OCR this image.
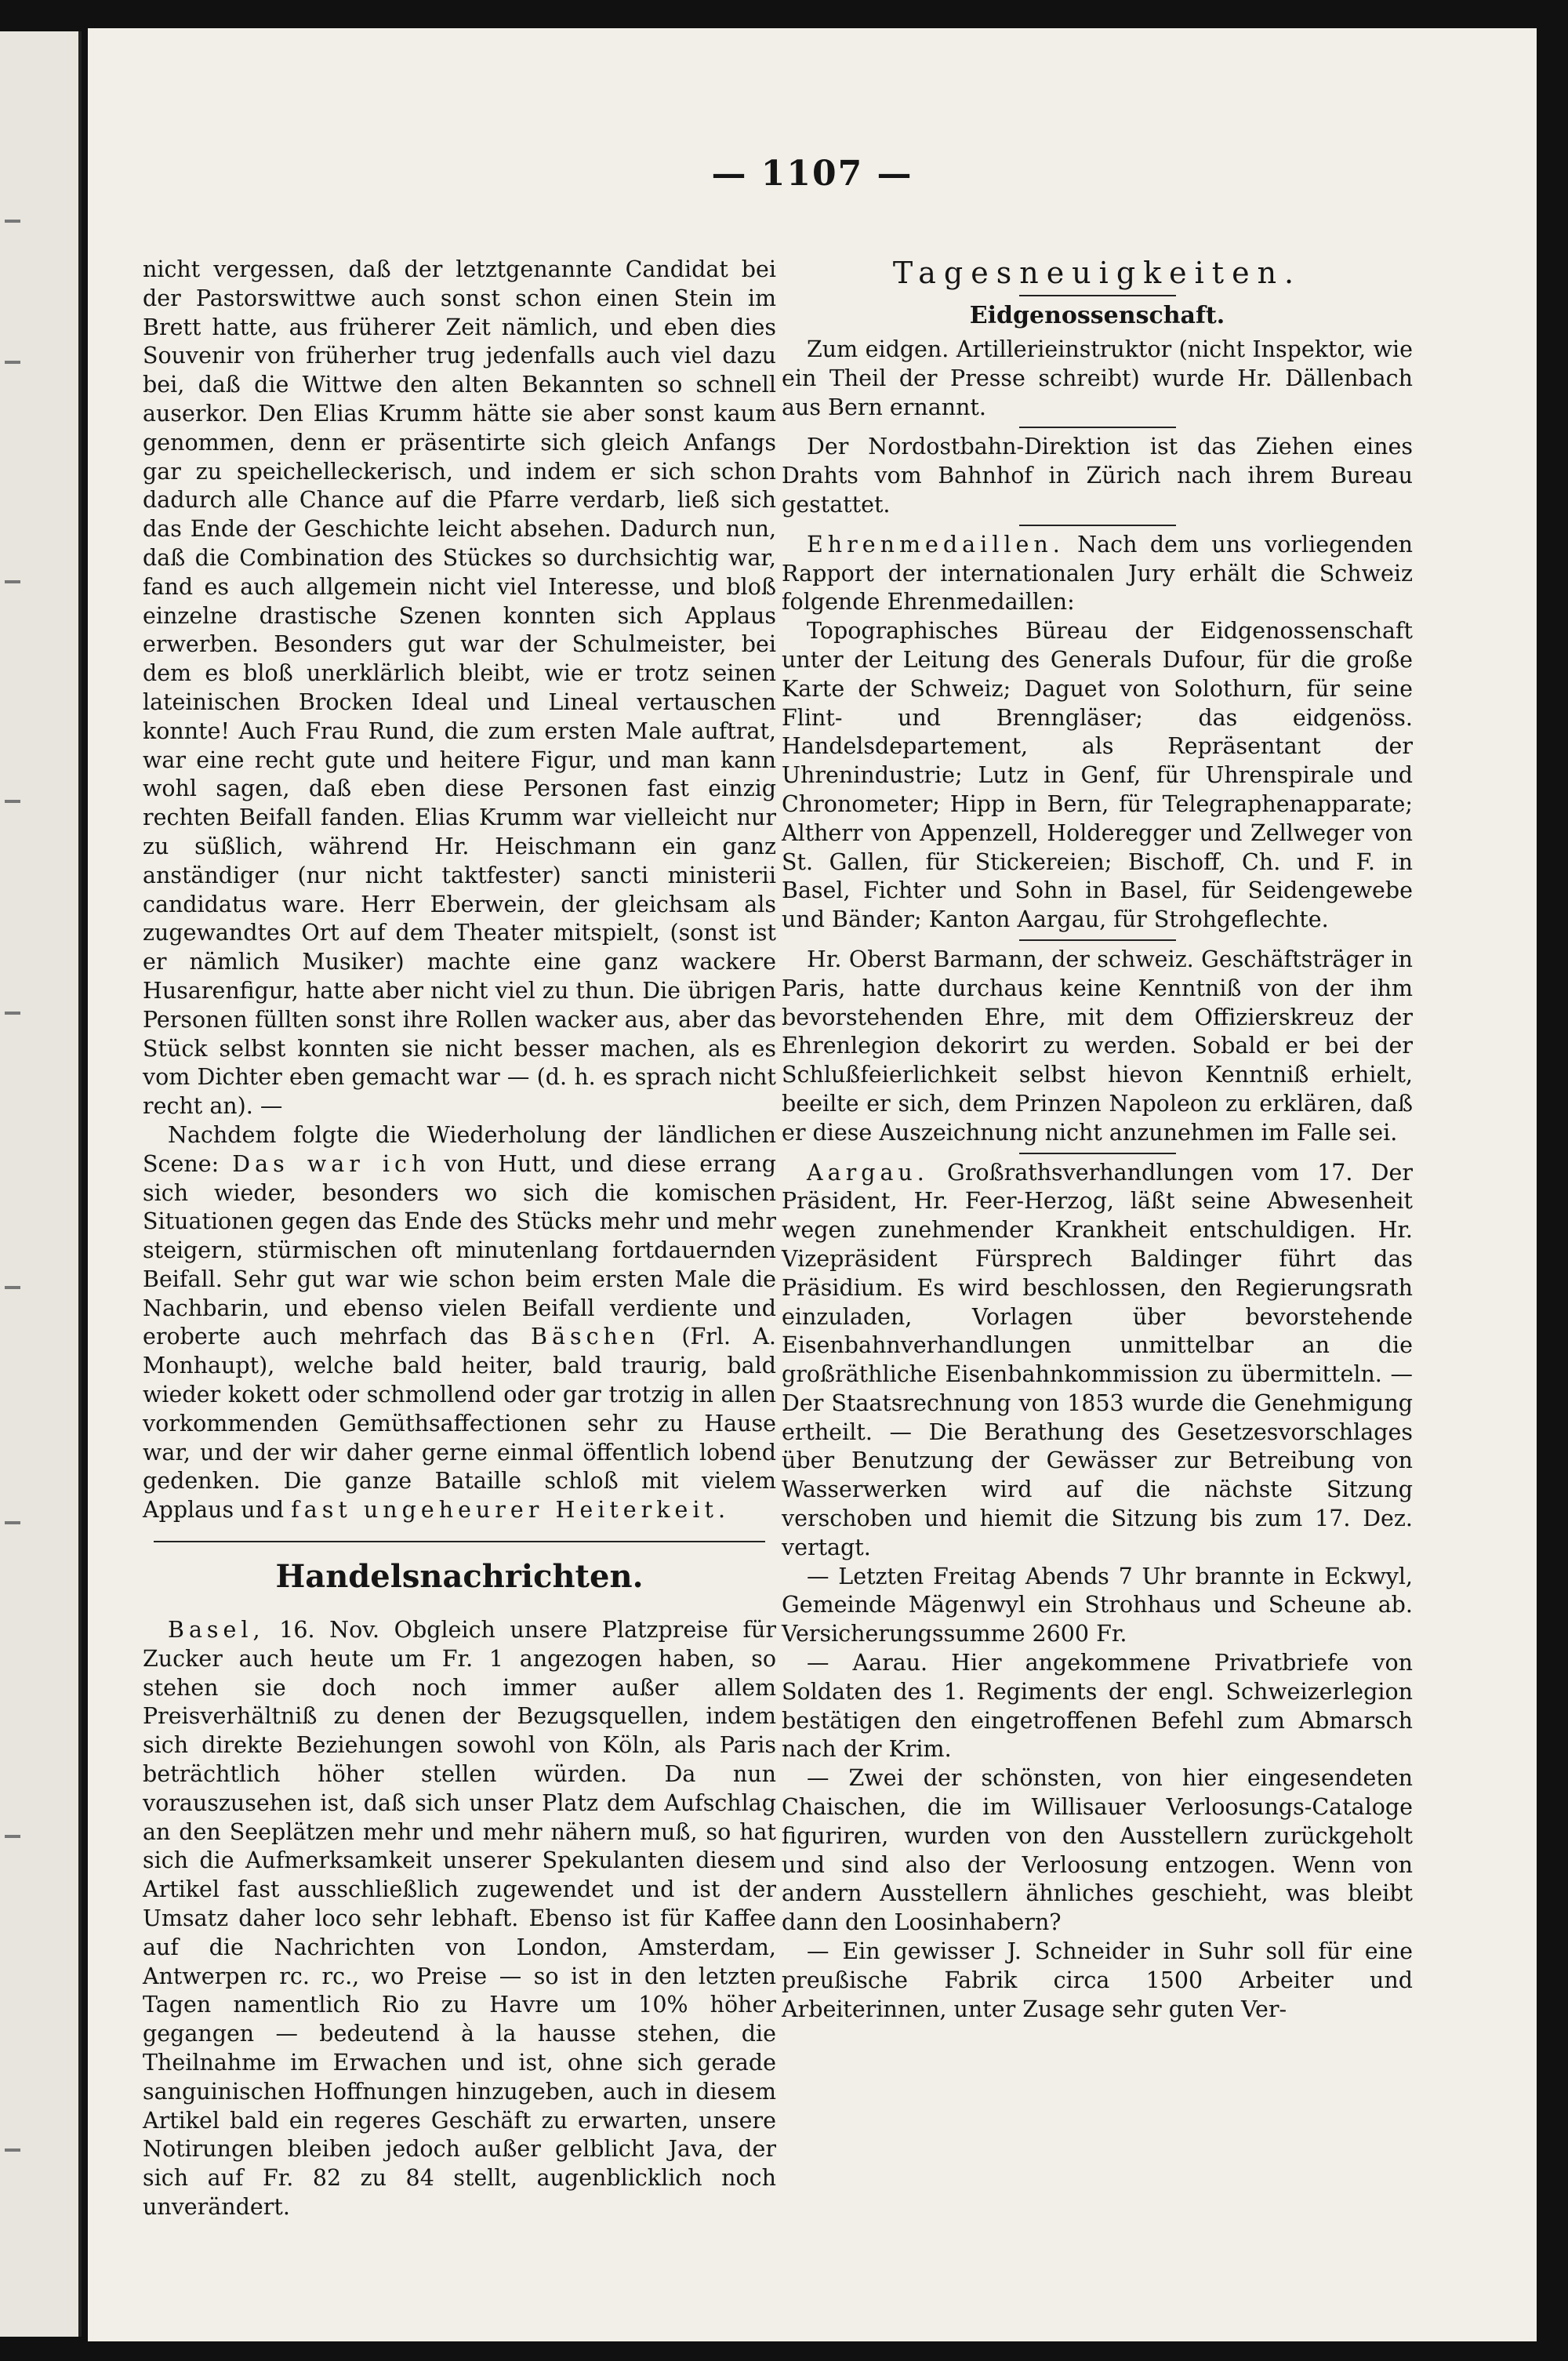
— 1107 —

nicht vergessen, daß der letztgenannte Candidat bei der Pastorswittwe auch sonst schon einen Stein im Brett hatte, aus früherer Zeit nämlich, und eben dies Souvenir von früherher trug jedenfalls auch viel dazu bei, daß die Wittwe den alten Bekannten so schnell auserkor. Den Elias Krumm hätte sie aber sonst kaum genommen, denn er präsentirte sich gleich Anfangs gar zu speichelleckerisch, und indem er sich schon dadurch alle Chance auf die Pfarre verdarb, ließ sich das Ende der Geschichte leicht absehen. Dadurch nun, daß die Combination des Stückes so durchsichtig war, fand es auch allgemein nicht viel Interesse, und bloß einzelne drastische Szenen konnten sich Applaus erwerben. Besonders gut war der Schulmeister, bei dem es bloß unerklärlich bleibt, wie er trotz seinen lateinischen Brocken Ideal und Lineal vertauschen konnte! Auch Frau Rund, die zum ersten Male auftrat, war eine recht gute und heitere Figur, und man kann wohl sagen, daß eben diese Personen fast einzig rechten Beifall fanden. Elias Krumm war vielleicht nur zu süßlich, während Hr. Heischmann ein ganz anständiger (nur nicht taktfester) sancti ministerii candidatus ware. Herr Eberwein, der gleichsam als zugewandtes Ort auf dem Theater mitspielt, (sonst ist er nämlich Musiker) machte eine ganz wackere Husarenfigur, hatte aber nicht viel zu thun. Die übrigen Personen füllten sonst ihre Rollen wacker aus, aber das Stück selbst konnten sie nicht besser machen, als es vom Dichter eben gemacht war — (d. h. es sprach nicht recht an). —

Nachdem folgte die Wiederholung der ländlichen Scene: Das war ich von Hutt, und diese errang sich wieder, besonders wo sich die komischen Situationen gegen das Ende des Stücks mehr und mehr steigern, stürmischen oft minutenlang fortdauernden Beifall. Sehr gut war wie schon beim ersten Male die Nachbarin, und ebenso vielen Beifall verdiente und eroberte auch mehrfach das Bäschen (Frl. A. Monhaupt), welche bald heiter, bald traurig, bald wieder kokett oder schmollend oder gar trotzig in allen vorkommenden Gemüthsaffectionen sehr zu Hause war, und der wir daher gerne einmal öffentlich lobend gedenken. Die ganze Bataille schloß mit vielem Applaus und fast ungeheurer Heiterkeit.

Handelsnachrichten.

Basel, 16. Nov. Obgleich unsere Platzpreise für Zucker auch heute um Fr. 1 angezogen haben, so stehen sie doch noch immer außer allem Preisverhältniß zu denen der Bezugsquellen, indem sich direkte Beziehungen sowohl von Köln, als Paris beträchtlich höher stellen würden. Da nun vorauszusehen ist, daß sich unser Platz dem Aufschlag an den Seeplätzen mehr und mehr nähern muß, so hat sich die Aufmerksamkeit unserer Spekulanten diesem Artikel fast ausschließlich zugewendet und ist der Umsatz daher loco sehr lebhaft. Ebenso ist für Kaffee auf die Nachrichten von London, Amsterdam, Antwerpen rc. rc., wo Preise — so ist in den letzten Tagen namentlich Rio zu Havre um 10% höher gegangen — bedeutend à la hausse stehen, die Theilnahme im Erwachen und ist, ohne sich gerade sanguinischen Hoffnungen hinzugeben, auch in diesem Artikel bald ein regeres Geschäft zu erwarten, unsere Notirungen bleiben jedoch außer gelblicht Java, der sich auf Fr. 82 zu 84 stellt, augenblicklich noch unverändert.

Tagesneuigkeiten.
Eidgenossenschaft.

Zum eidgen. Artillerieinstruktor (nicht Inspektor, wie ein Theil der Presse schreibt) wurde Hr. Dällenbach aus Bern ernannt.

Der Nordostbahn-Direktion ist das Ziehen eines Drahts vom Bahnhof in Zürich nach ihrem Bureau gestattet.

Ehrenmedaillen. Nach dem uns vorliegenden Rapport der internationalen Jury erhält die Schweiz folgende Ehrenmedaillen:

Topographisches Büreau der Eidgenossenschaft unter der Leitung des Generals Dufour, für die große Karte der Schweiz; Daguet von Solothurn, für seine Flint- und Brenngläser; das eidgenöss. Handelsdepartement, als Repräsentant der Uhrenindustrie; Lutz in Genf, für Uhrenspirale und Chronometer; Hipp in Bern, für Telegraphenapparate; Altherr von Appenzell, Holderegger und Zellweger von St. Gallen, für Stickereien; Bischoff, Ch. und F. in Basel, Fichter und Sohn in Basel, für Seidengewebe und Bänder; Kanton Aargau, für Strohgeflechte.

Hr. Oberst Barmann, der schweiz. Geschäftsträger in Paris, hatte durchaus keine Kenntniß von der ihm bevorstehenden Ehre, mit dem Offizierskreuz der Ehrenlegion dekorirt zu werden. Sobald er bei der Schlußfeierlichkeit selbst hievon Kenntniß erhielt, beeilte er sich, dem Prinzen Napoleon zu erklären, daß er diese Auszeichnung nicht anzunehmen im Falle sei.

Aargau. Großrathsverhandlungen vom 17. Der Präsident, Hr. Feer-Herzog, läßt seine Abwesenheit wegen zunehmender Krankheit entschuldigen. Hr. Vizepräsident Fürsprech Baldinger führt das Präsidium. Es wird beschlossen, den Regierungsrath einzuladen, Vorlagen über bevorstehende Eisenbahnverhandlungen unmittelbar an die großräthliche Eisenbahnkommission zu übermitteln. — Der Staatsrechnung von 1853 wurde die Genehmigung ertheilt. — Die Berathung des Gesetzesvorschlages über Benutzung der Gewässer zur Betreibung von Wasserwerken wird auf die nächste Sitzung verschoben und hiemit die Sitzung bis zum 17. Dez. vertagt.

— Letzten Freitag Abends 7 Uhr brannte in Eckwyl, Gemeinde Mägenwyl ein Strohhaus und Scheune ab. Versicherungssumme 2600 Fr.

— Aarau. Hier angekommene Privatbriefe von Soldaten des 1. Regiments der engl. Schweizerlegion bestätigen den eingetroffenen Befehl zum Abmarsch nach der Krim.

— Zwei der schönsten, von hier eingesendeten Chaischen, die im Willisauer Verloosungs-Cataloge figuriren, wurden von den Ausstellern zurückgeholt und sind also der Verloosung entzogen. Wenn von andern Ausstellern ähnliches geschieht, was bleibt dann den Loosinhabern?

— Ein gewisser J. Schneider in Suhr soll für eine preußische Fabrik circa 1500 Arbeiter und Arbeiterinnen, unter Zusage sehr guten Ver-
